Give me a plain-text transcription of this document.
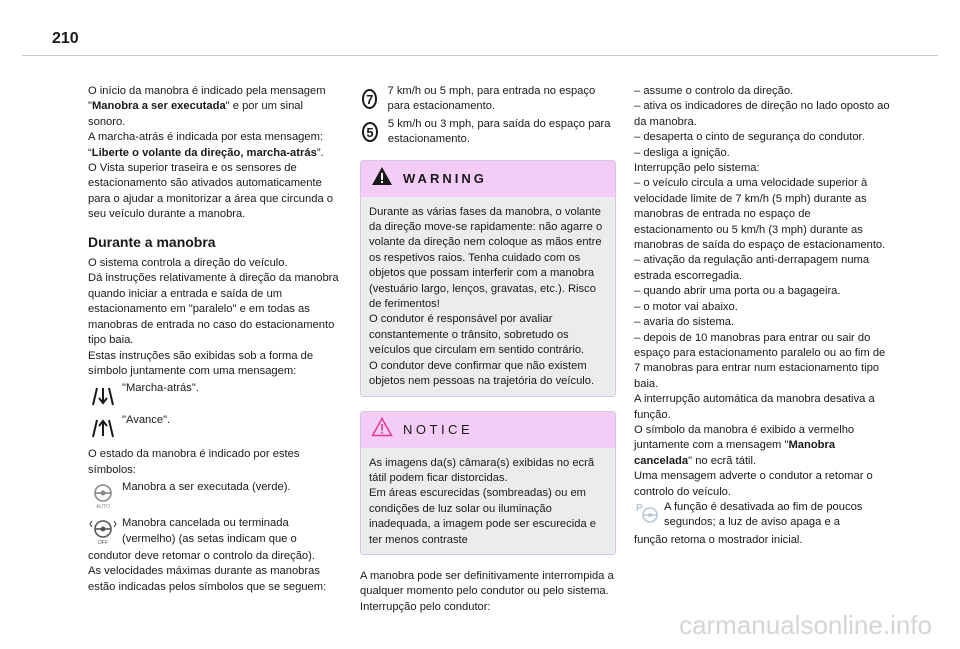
210

O início da manobra é indicado pela mensagem "Manobra a ser executada" e por um sinal sonoro.
A marcha-atrás é indicada por esta mensagem: “Liberte o volante da direção, marcha-atrás”.
O Vista superior traseira e os sensores de estacionamento são ativados automaticamente para o ajudar a monitorizar a área que circunda o seu veículo durante a manobra.

Durante a manobra

O sistema controla a direção do veículo.
Dá instruções relativamente à direção da manobra quando iniciar a entrada e saída de um estacionamento em "paralelo" e em todas as manobras de entrada no caso do estacionamento tipo baia.
Estas instruções são exibidas sob a forma de símbolo juntamente com uma mensagem:

"Marcha-atrás".
"Avance".

O estado da manobra é indicado por estes símbolos:

AUTO
Manobra a ser executada (verde).
OFF
Manobra cancelada ou terminada (vermelho) (as setas indicam que o

condutor deve retomar o controlo da direção).
As velocidades máximas durante as manobras estão indicadas pelos símbolos que se seguem:

7
7 km/h ou 5 mph, para entrada no espaço para estacionamento.
5
5 km/h ou 3 mph, para saída do espaço para estacionamento.
WARNING

Durante as várias fases da manobra, o volante da direção move-se rapidamente: não agarre o volante da direção nem coloque as mãos entre os respetivos raios. Tenha cuidado com os objetos que possam interferir com a manobra (vestuário largo, lenços, gravatas, etc.). Risco de ferimentos!
O condutor é responsável por avaliar constantemente o trânsito, sobretudo os veículos que circulam em sentido contrário.
O condutor deve confirmar que não existem objetos nem pessoas na trajetória do veículo.

NOTICE

As imagens da(s) câmara(s) exibidas no ecrã tátil podem ficar distorcidas.
Em áreas escurecidas (sombreadas) ou em condições de luz solar ou iluminação inadequada, a imagem pode ser escurecida e ter menos contraste

A manobra pode ser definitivamente interrompida a qualquer momento pelo condutor ou pelo sistema.
Interrupção pelo condutor:

– assume o controlo da direção.
– ativa os indicadores de direção no lado oposto ao da manobra.
– desaperta o cinto de segurança do condutor.
– desliga a ignição.
Interrupção pelo sistema:
– o veículo circula a uma velocidade superior à velocidade limite de 7 km/h (5 mph) durante as manobras de entrada no espaço de estacionamento ou 5 km/h (3 mph) durante as manobras de saída do espaço de estacionamento.
– ativação da regulação anti-derrapagem numa estrada escorregadia.
– quando abrir uma porta ou a bagageira.
– o motor vai abaixo.
– avaria do sistema.
– depois de 10 manobras para entrar ou sair do espaço para estacionamento paralelo ou ao fim de 7 manobras para entrar num estacionamento tipo baia.
A interrupção automática da manobra desativa a função.
O símbolo da manobra é exibido a vermelho juntamente com a mensagem "Manobra cancelada" no ecrã tátil.
Uma mensagem adverte o condutor a retomar o controlo do veículo.

P A função é desativada ao fim de poucos segundos; a luz de aviso apaga e a

função retoma o mostrador inicial.

carmanualsonline.info
